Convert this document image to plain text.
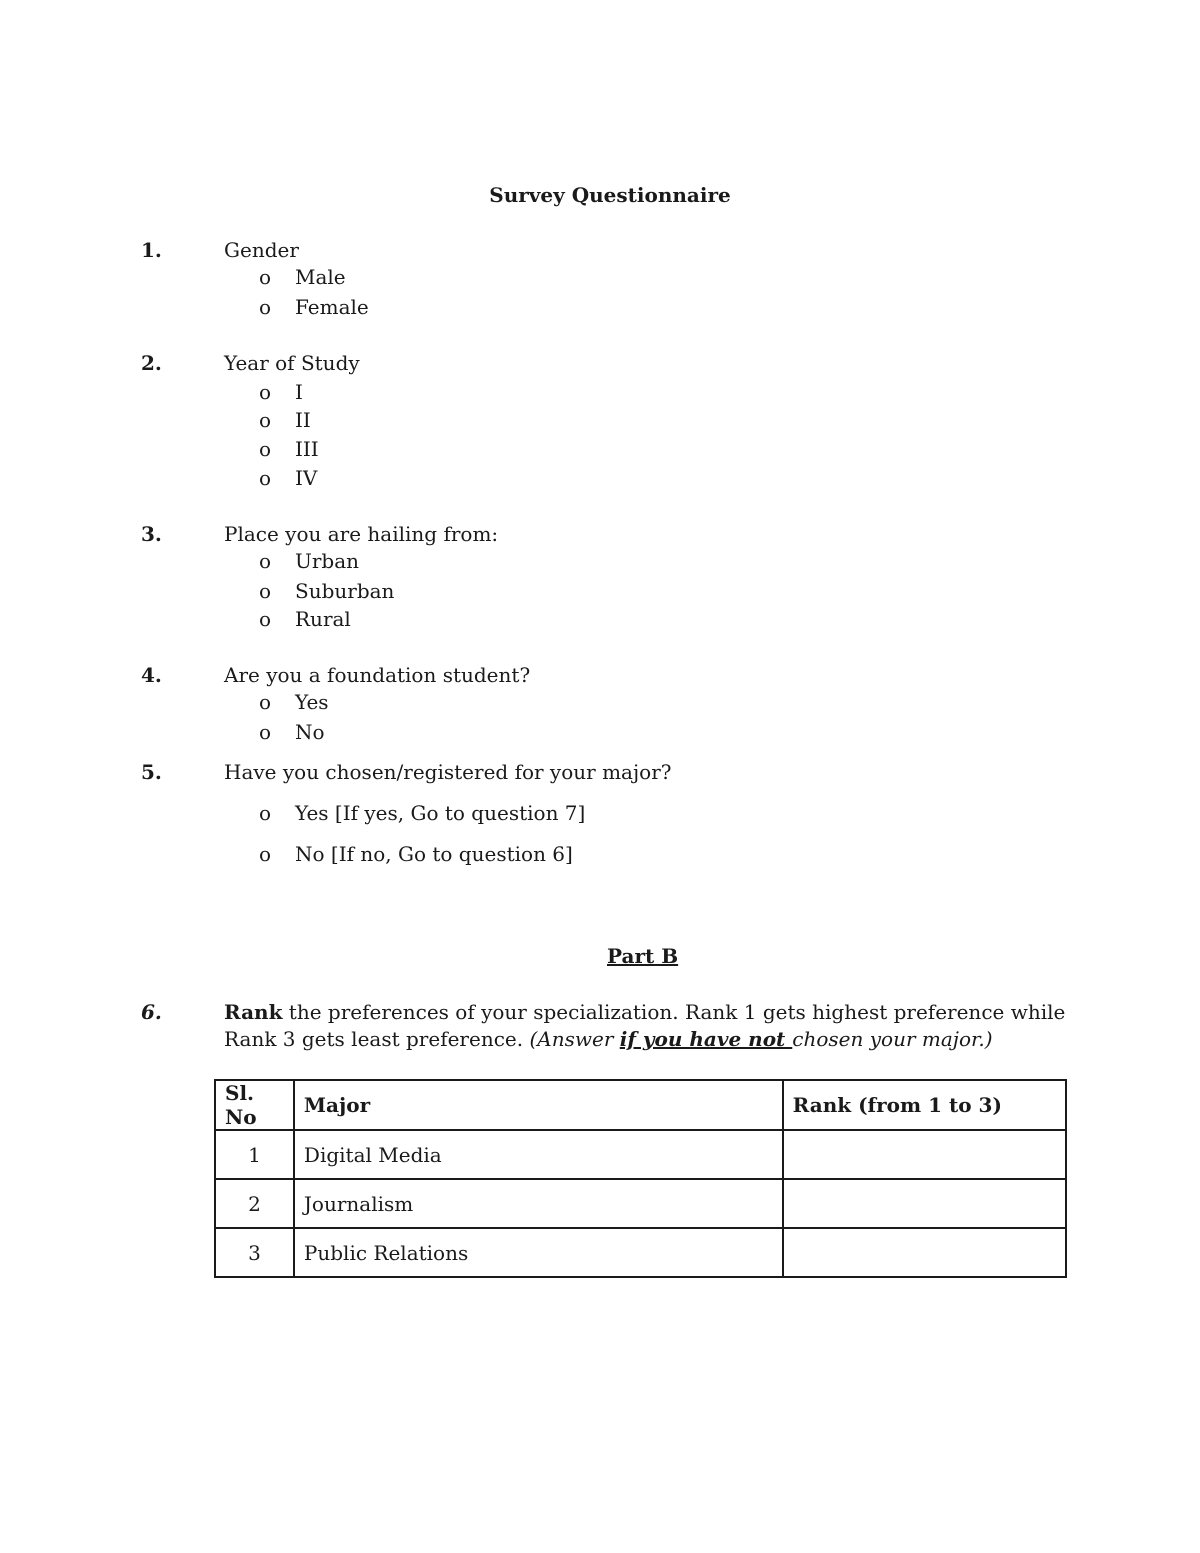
Survey Questionnaire
1.	Gender
o Male
o Female
2.	Year of Study
o I
o II
o III
o IV
3.	Place you are hailing from:
o Urban
o Suburban
o Rural
4.	Are you a foundation student?
o Yes
o No
5.	Have you chosen/registered for your major?
o Yes [If yes, Go to question 7]
o No [If no, Go to question 6]
Part B
6.	Rank the preferences of your specialization. Rank 1 gets highest preference while
Rank 3 gets least preference. (Answer if you have not chosen your major.)
Sl. No	Major	Rank (from 1 to 3)
1	Digital Media	
2	Journalism	
3	Public Relations	
